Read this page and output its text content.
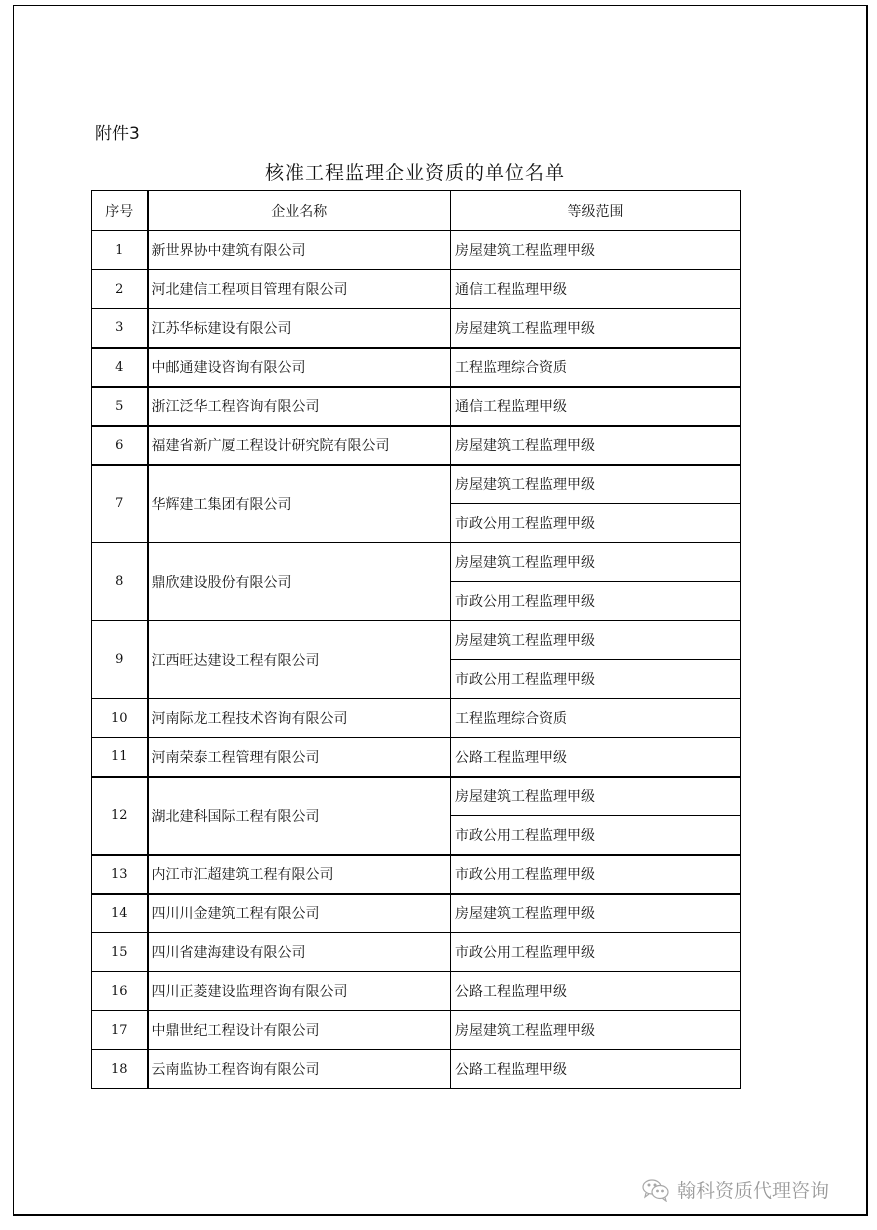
附件3
核准工程监理企业资质的单位名单
序号	企业名称	等级范围
1	新世界协中建筑有限公司	房屋建筑工程监理甲级
2	河北建信工程项目管理有限公司	通信工程监理甲级
3	江苏华标建设有限公司	房屋建筑工程监理甲级
4	中邮通建设咨询有限公司	工程监理综合资质
5	浙江泛华工程咨询有限公司	通信工程监理甲级
6	福建省新广厦工程设计研究院有限公司	房屋建筑工程监理甲级
7	华辉建工集团有限公司	房屋建筑工程监理甲级
		市政公用工程监理甲级
8	鼎欣建设股份有限公司	房屋建筑工程监理甲级
		市政公用工程监理甲级
9	江西旺达建设工程有限公司	房屋建筑工程监理甲级
		市政公用工程监理甲级
10	河南际龙工程技术咨询有限公司	工程监理综合资质
11	河南荣泰工程管理有限公司	公路工程监理甲级
12	湖北建科国际工程有限公司	房屋建筑工程监理甲级
		市政公用工程监理甲级
13	内江市汇超建筑工程有限公司	市政公用工程监理甲级
14	四川川金建筑工程有限公司	房屋建筑工程监理甲级
15	四川省建海建设有限公司	市政公用工程监理甲级
16	四川正菱建设监理咨询有限公司	公路工程监理甲级
17	中鼎世纪工程设计有限公司	房屋建筑工程监理甲级
18	云南监协工程咨询有限公司	公路工程监理甲级
翰科资质代理咨询
